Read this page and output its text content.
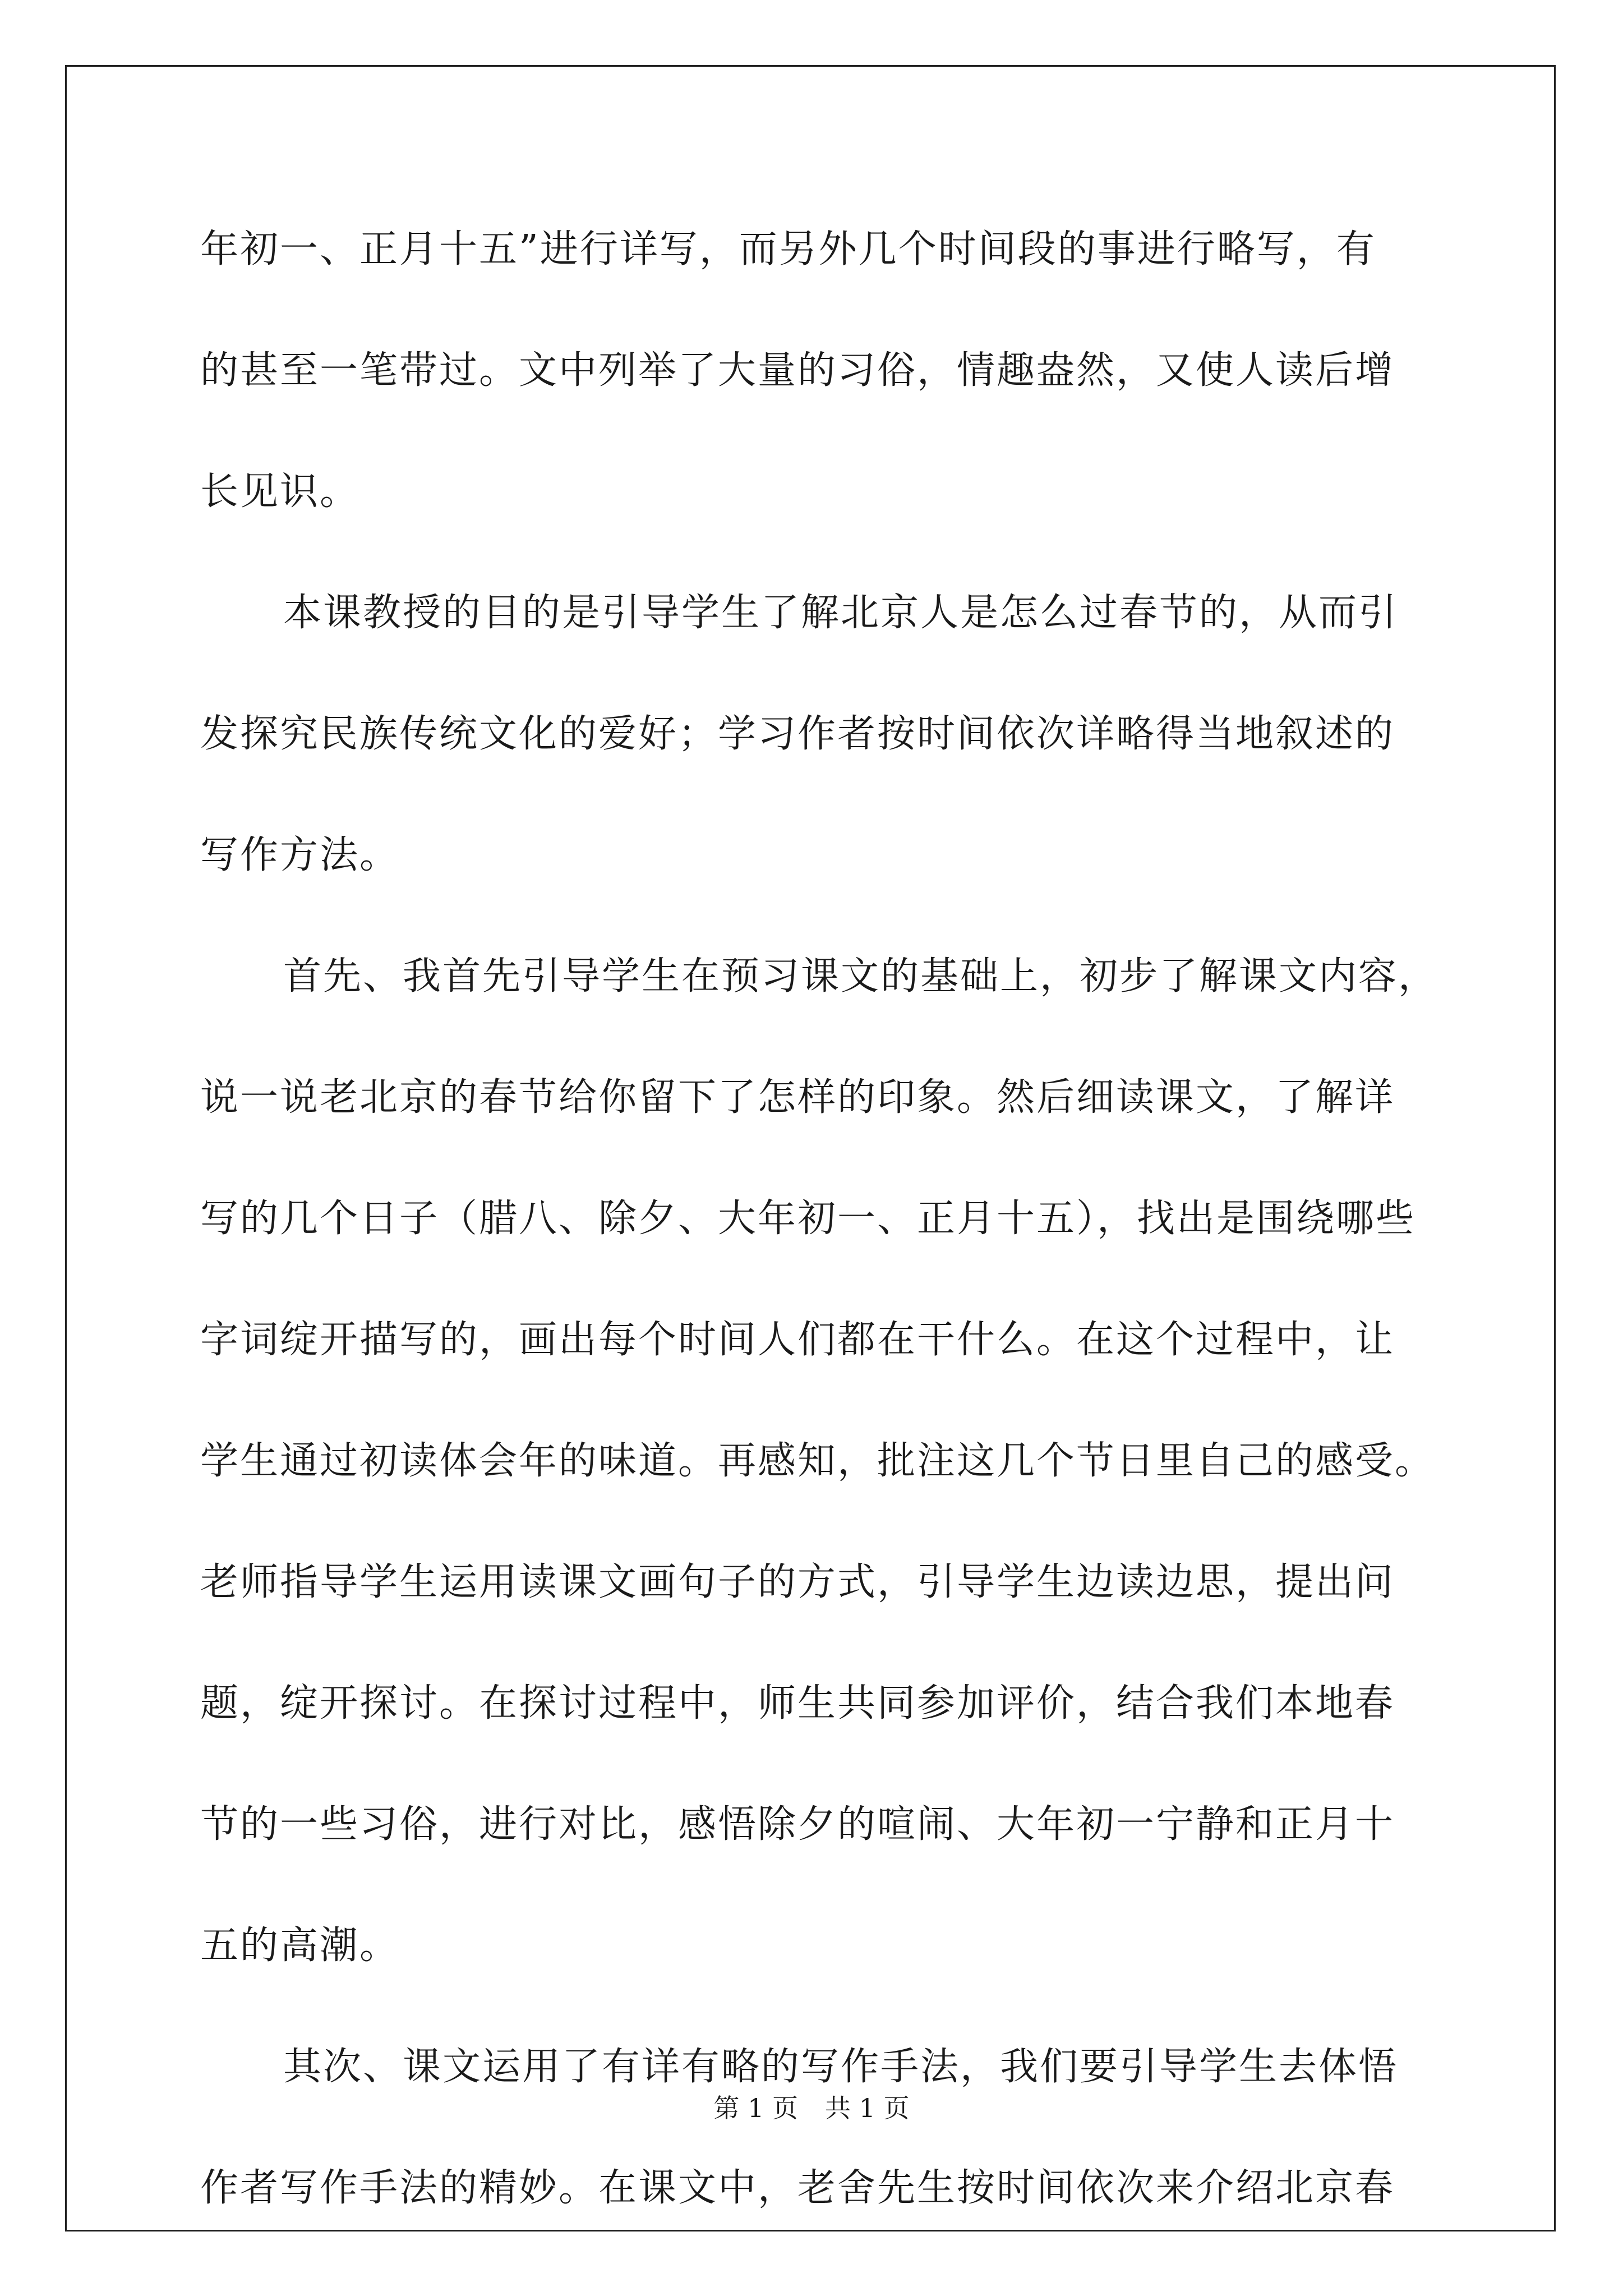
年初一、正月十五”进行详写，而另外几个时间段的事进行略写，有
的甚至一笔带过。文中列举了大量的习俗，情趣盎然，又使人读后增
长见识。
本课教授的目的是引导学生了解北京人是怎么过春节的，从而引
发探究民族传统文化的爱好；学习作者按时间依次详略得当地叙述的
写作方法。
首先、我首先引导学生在预习课文的基础上，初步了解课文内容，
说一说老北京的春节给你留下了怎样的印象。然后细读课文，了解详
写的几个日子（腊八、除夕、大年初一、正月十五），找出是围绕哪些
字词绽开描写的，画出每个时间人们都在干什么。在这个过程中，让
学生通过初读体会年的味道。再感知，批注这几个节日里自己的感受。
老师指导学生运用读课文画句子的方式，引导学生边读边思，提出问
题，绽开探讨。在探讨过程中，师生共同参加评价，结合我们本地春
节的一些习俗，进行对比，感悟除夕的喧闹、大年初一宁静和正月十
五的高潮。
其次、课文运用了有详有略的写作手法，我们要引导学生去体悟
作者写作手法的精妙。在课文中，老舍先生按时间依次来介绍北京春
第 1 页 共 1 页
